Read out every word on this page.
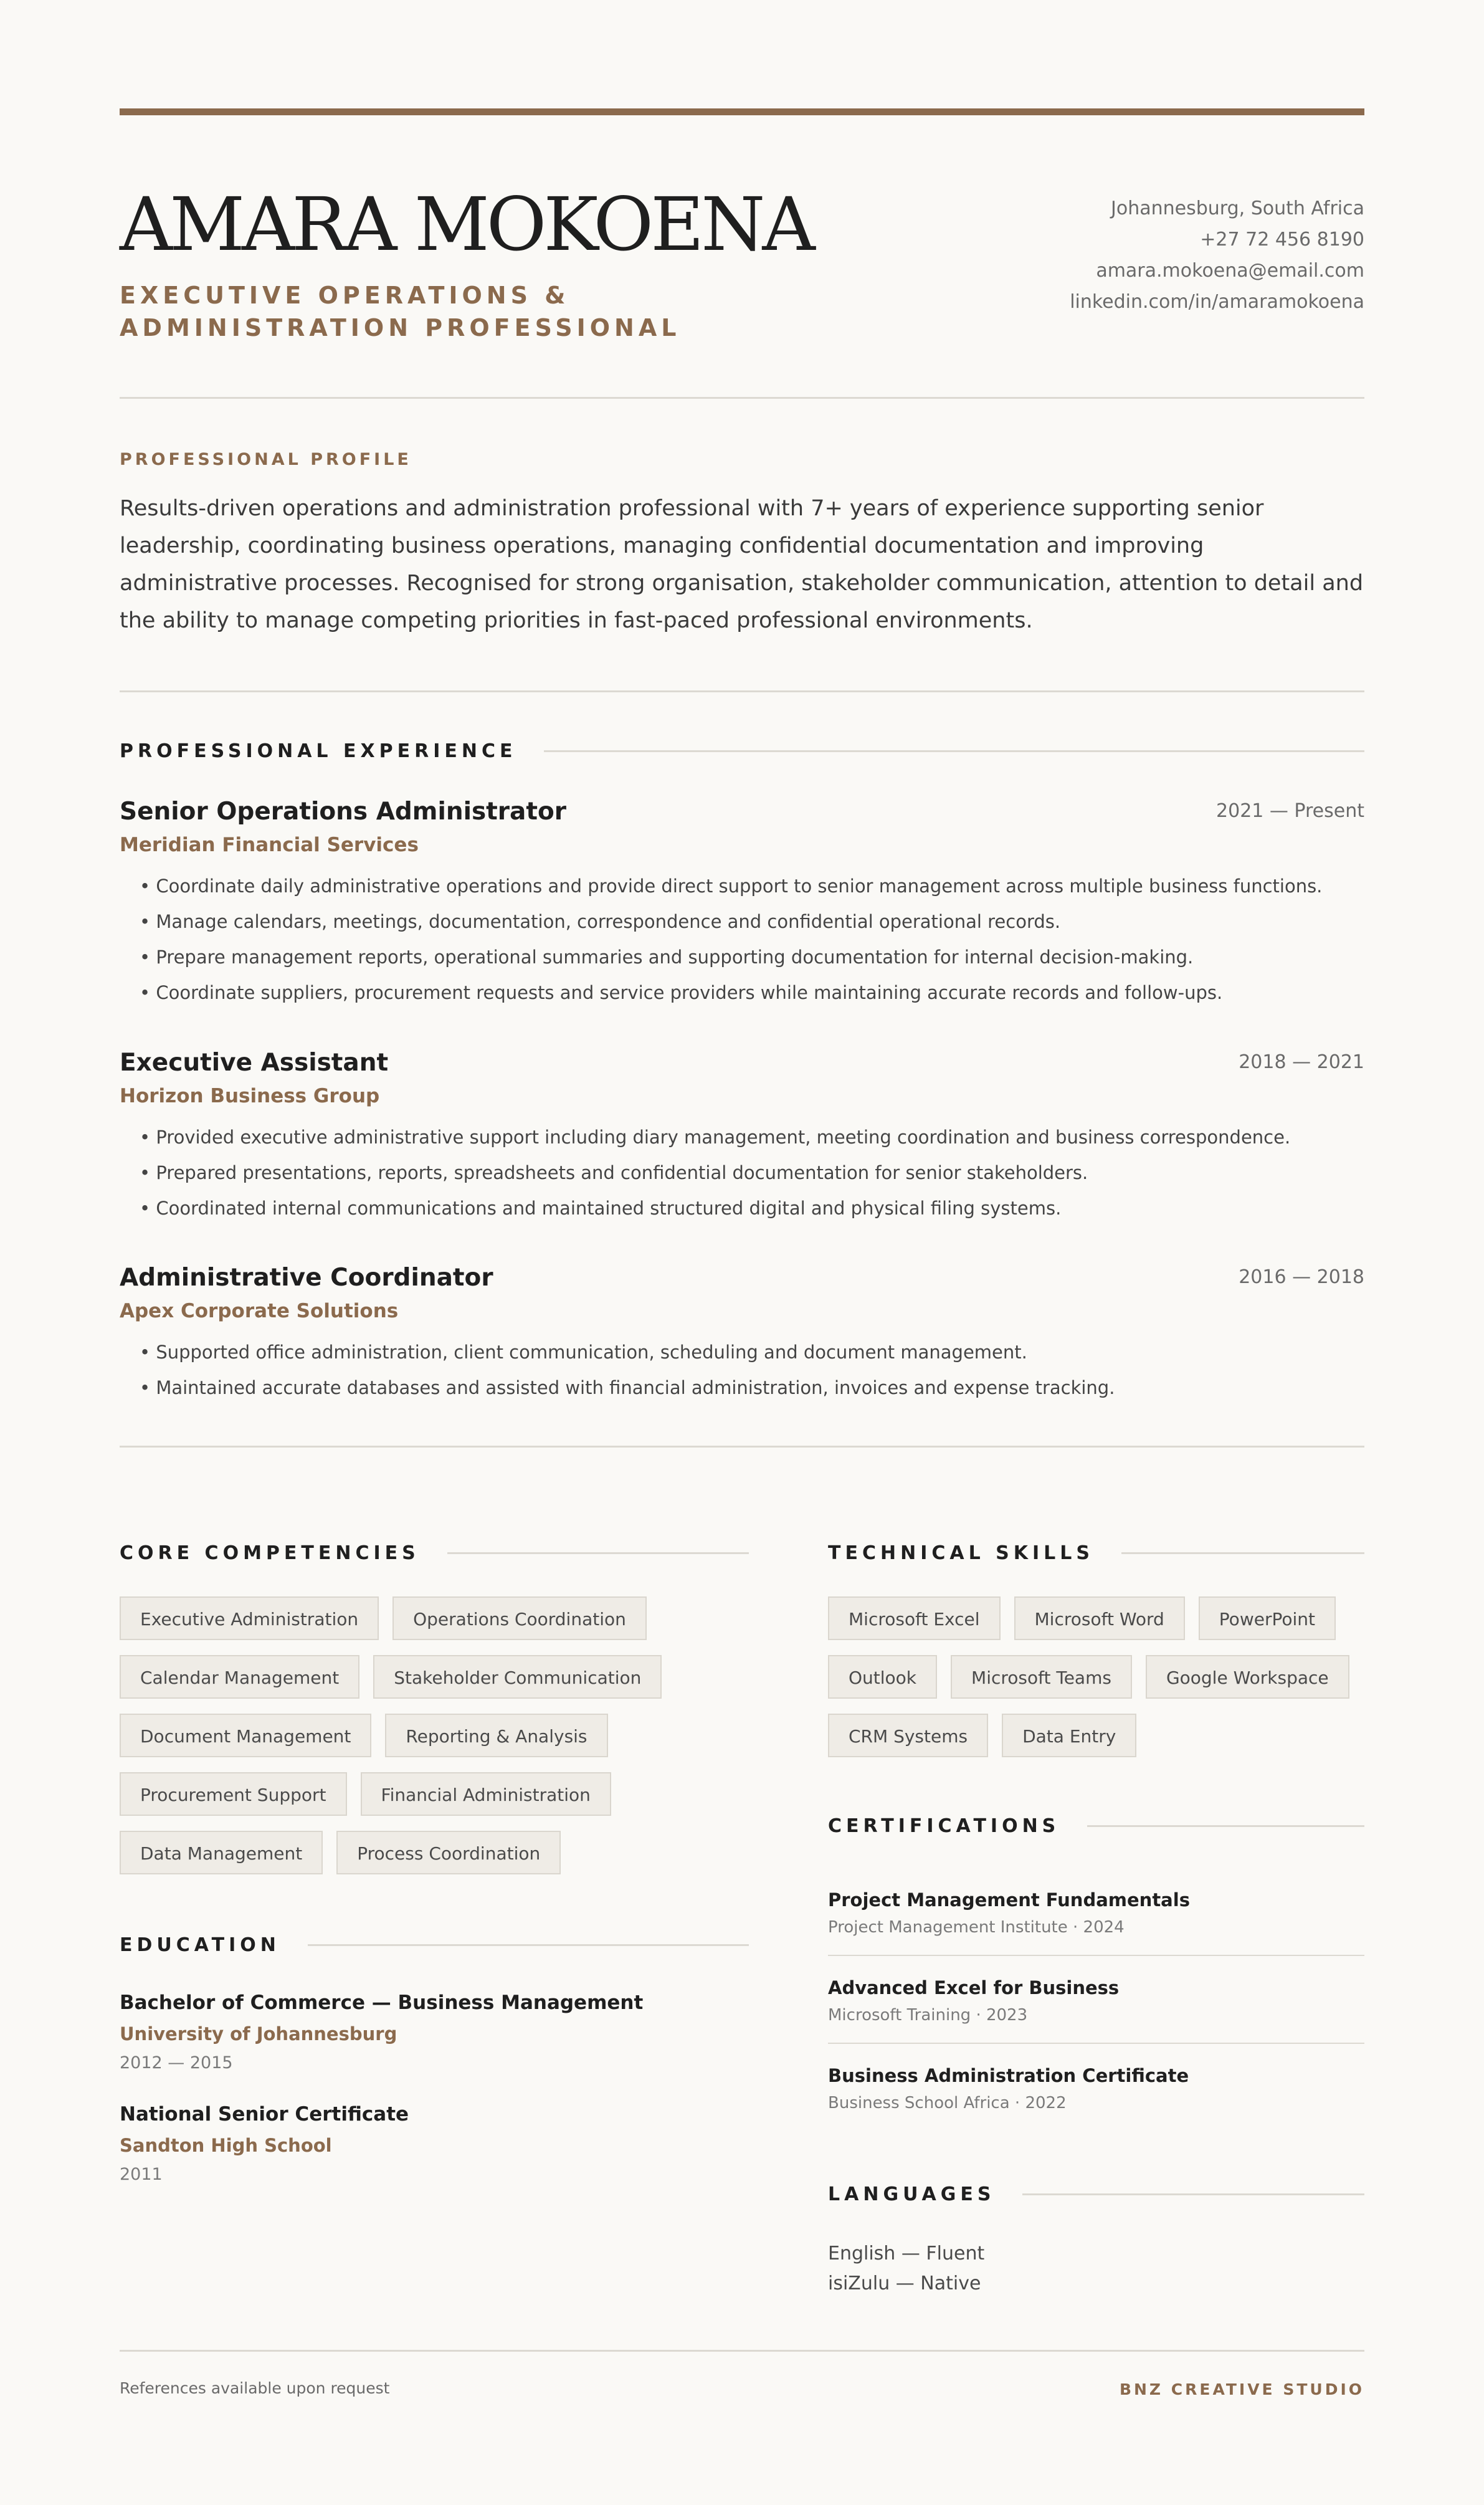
AMARA MOKOENA
EXECUTIVE OPERATIONS & ADMINISTRATION PROFESSIONAL
Johannesburg, South Africa
+27 72 456 8190
amara.mokoena@email.com
linkedin.com/in/amaramokoena
PROFESSIONAL PROFILE

Results-driven operations and administration professional with 7+ years of experience supporting senior leadership, coordinating business operations, managing confidential documentation and improving administrative processes. Recognised for strong organisation, stakeholder communication, attention to detail and the ability to manage competing priorities in fast-paced professional environments.

PROFESSIONAL EXPERIENCE
Senior Operations Administrator	2021 — Present
Meridian Financial Services
• Coordinate daily administrative operations and provide direct support to senior management across multiple business functions.
• Manage calendars, meetings, documentation, correspondence and confidential operational records.
• Prepare management reports, operational summaries and supporting documentation for internal decision-making.
• Coordinate suppliers, procurement requests and service providers while maintaining accurate records and follow-ups.
Executive Assistant	2018 — 2021
Horizon Business Group
• Provided executive administrative support including diary management, meeting coordination and business correspondence.
• Prepared presentations, reports, spreadsheets and confidential documentation for senior stakeholders.
• Coordinated internal communications and maintained structured digital and physical filing systems.
Administrative Coordinator	2016 — 2018
Apex Corporate Solutions
• Supported office administration, client communication, scheduling and document management.
• Maintained accurate databases and assisted with financial administration, invoices and expense tracking.
CORE COMPETENCIES
Executive Administration	Operations Coordination
Calendar Management	Stakeholder Communication
Document Management	Reporting & Analysis
Procurement Support	Financial Administration
Data Management	Process Coordination
EDUCATION
Bachelor of Commerce — Business Management
University of Johannesburg
2012 — 2015
National Senior Certificate
Sandton High School
2011
TECHNICAL SKILLS
Microsoft Excel	Microsoft Word	PowerPoint
Outlook	Microsoft Teams	Google Workspace
CRM Systems	Data Entry
CERTIFICATIONS
Project Management Fundamentals
Project Management Institute · 2024
Advanced Excel for Business
Microsoft Training · 2023
Business Administration Certificate
Business School Africa · 2022
LANGUAGES
English — Fluent
isiZulu — Native
References available upon request	BNZ CREATIVE STUDIO
